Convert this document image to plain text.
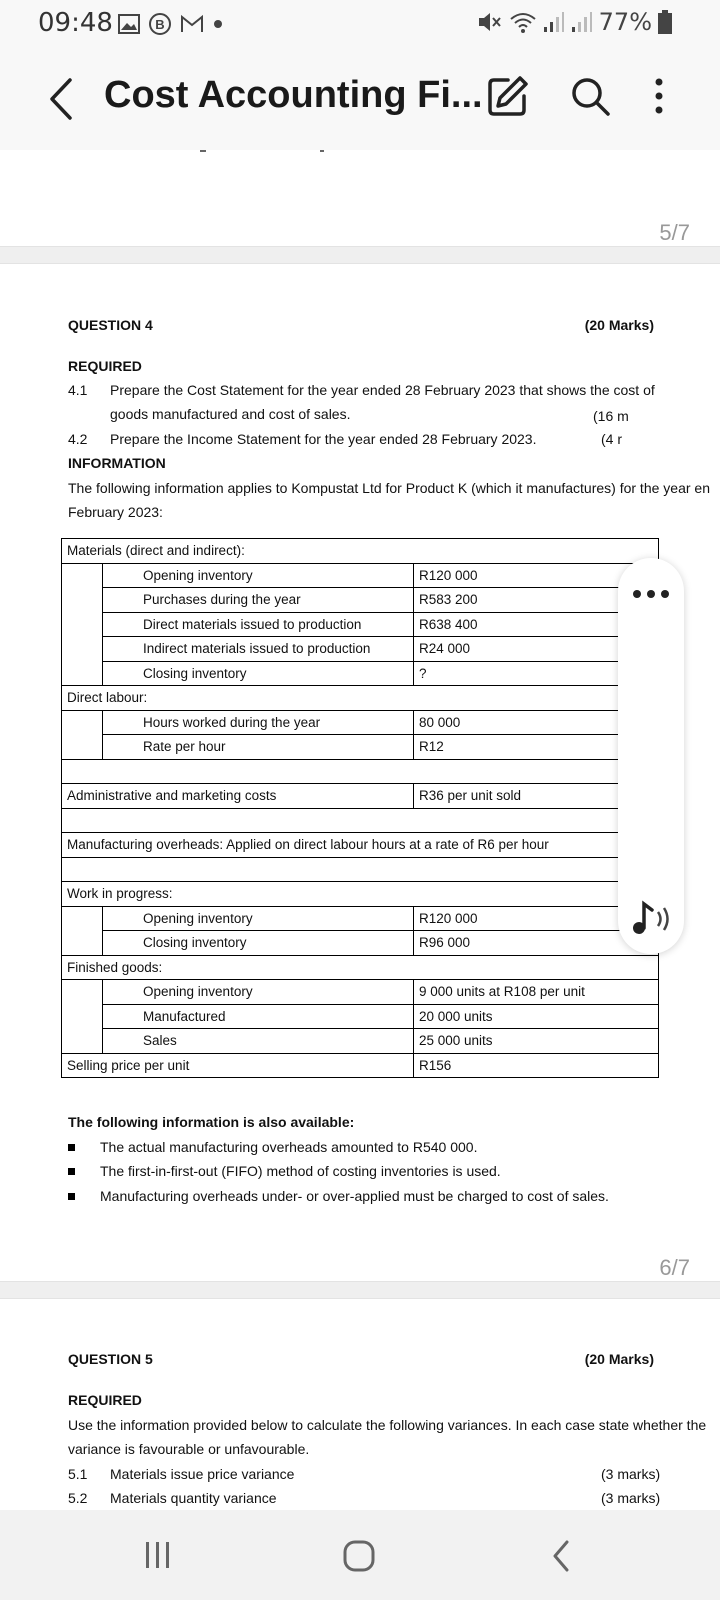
09:48	B	77%
Cost Accounting Fi...
5/7
QUESTION 4	(20 Marks)
REQUIRED
4.1 Prepare the Cost Statement for the year ended 28 February 2023 that shows the cost of
goods manufactured and cost of sales.	(16 m
4.2 Prepare the Income Statement for the year ended 28 February 2023.	(4 r
INFORMATION
The following information applies to Kompustat Ltd for Product K (which it manufactures) for the year en
February 2023:
Materials (direct and indirect):		
	Opening inventory	R120 000
	Purchases during the year	R583 200
	Direct materials issued to production	R638 400
	Indirect materials issued to production	R24 000
	Closing inventory	?
Direct labour:		
	Hours worked during the year	80 000
	Rate per hour	R12

Administrative and marketing costs		R36 per unit sold

Manufacturing overheads: Applied on direct labour hours at a rate of R6 per hour		

Work in progress:		
	Opening inventory	R120 000
	Closing inventory	R96 000
Finished goods:		
	Opening inventory	9 000 units at R108 per unit
	Manufactured	20 000 units
	Sales	25 000 units
Selling price per unit		R156
The following information is also available:
The actual manufacturing overheads amounted to R540 000.
The first-in-first-out (FIFO) method of costing inventories is used.
Manufacturing overheads under- or over-applied must be charged to cost of sales.
6/7
QUESTION 5	(20 Marks)
REQUIRED
Use the information provided below to calculate the following variances. In each case state whether the
variance is favourable or unfavourable.
5.1 Materials issue price variance	(3 marks)
5.2 Materials quantity variance	(3 marks)
